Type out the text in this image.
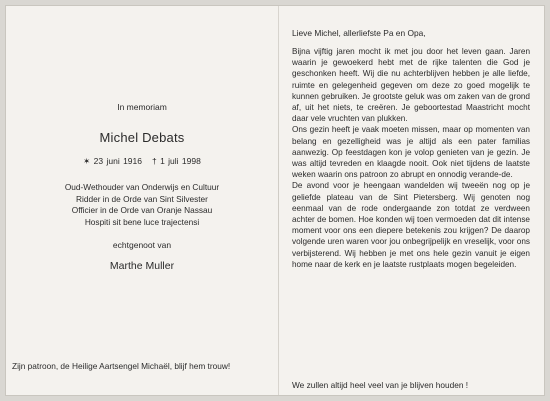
In memoriam
Michel Debats
✶ 23 juni 1916 † 1 juli 1998
Oud-Wethouder van Onderwijs en Cultuur
Ridder in de Orde van Sint Silvester
Officier in de Orde van Oranje Nassau
Hospiti sit bene luce trajectensi
echtgenoot van
Marthe Muller
Zijn patroon, de Heilige Aartsengel Michaël, blijf hem trouw!
Lieve Michel, allerliefste Pa en Opa,

Bijna vijftig jaren mocht ik met jou door het leven gaan. Jaren waarin je gewoekerd hebt met de rijke talenten die God je geschonken heeft. Wij die nu achterblijven hebben je alle liefde, ruimte en gelegenheid gegeven om deze zo goed mogelijk te kunnen gebruiken. Je grootste geluk was om zaken van de grond af, uit het niets, te creëren. Je geboortestad Maastricht mocht daar vele vruchten van plukken.

Ons gezin heeft je vaak moeten missen, maar op momenten van belang en gezelligheid was je altijd als een pater familias aanwezig. Op feestdagen kon je volop genieten van je gezin. Je was altijd tevreden en klaagde nooit. Ook niet tijdens de laatste weken waarin ons patroon zo abrupt en onnodig verande-de.

De avond voor je heengaan wandelden wij tweeën nog op je geliefde plateau van de Sint Pietersberg. Wij genoten nog eenmaal van de rode ondergaande zon totdat ze verdween achter de bomen. Hoe konden wij toen vermoeden dat dit intense moment voor ons een diepere betekenis zou krijgen? De daarop volgende uren waren voor jou onbegrijpelijk en vreselijk, voor ons verbijsterend. Wij hebben je met ons hele gezin vanuit je eigen home naar de kerk en je laatste rustplaats mogen begeleiden.

We zullen altijd heel veel van je blijven houden !
